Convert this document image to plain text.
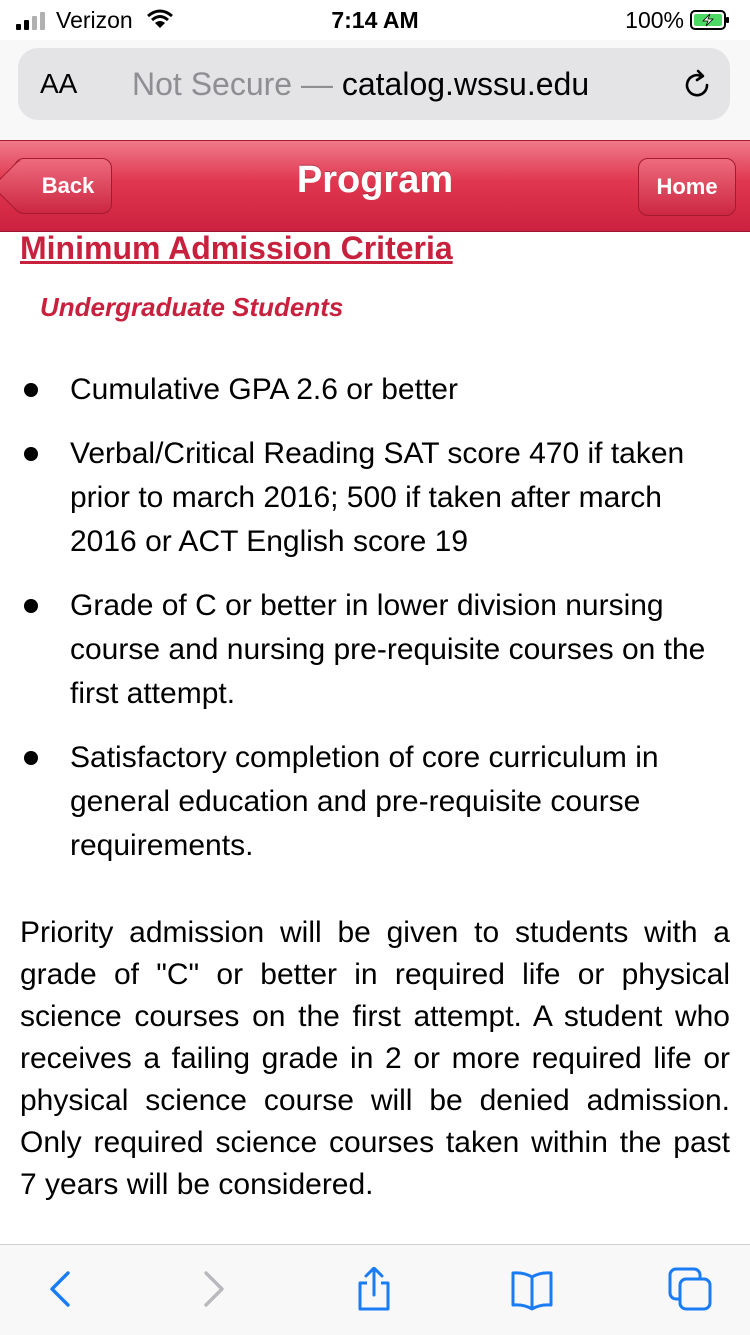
Verizon	7:14 AM	100%
AA Not Secure — catalog.wssu.edu
Back	Program	Home
Minimum Admission Criteria
Undergraduate Students
Cumulative GPA 2.6 or better
Verbal/Critical Reading SAT score 470 if taken prior to march 2016; 500 if taken after march 2016 or ACT English score 19
Grade of C or better in lower division nursing course and nursing pre-requisite courses on the first attempt.
Satisfactory completion of core curriculum in general education and pre-requisite course requirements.

Priority admission will be given to students with a grade of "C" or better in required life or physical science courses on the first attempt. A student who receives a failing grade in 2 or more required life or physical science course will be denied admission. Only required science courses taken within the past 7 years will be considered.
